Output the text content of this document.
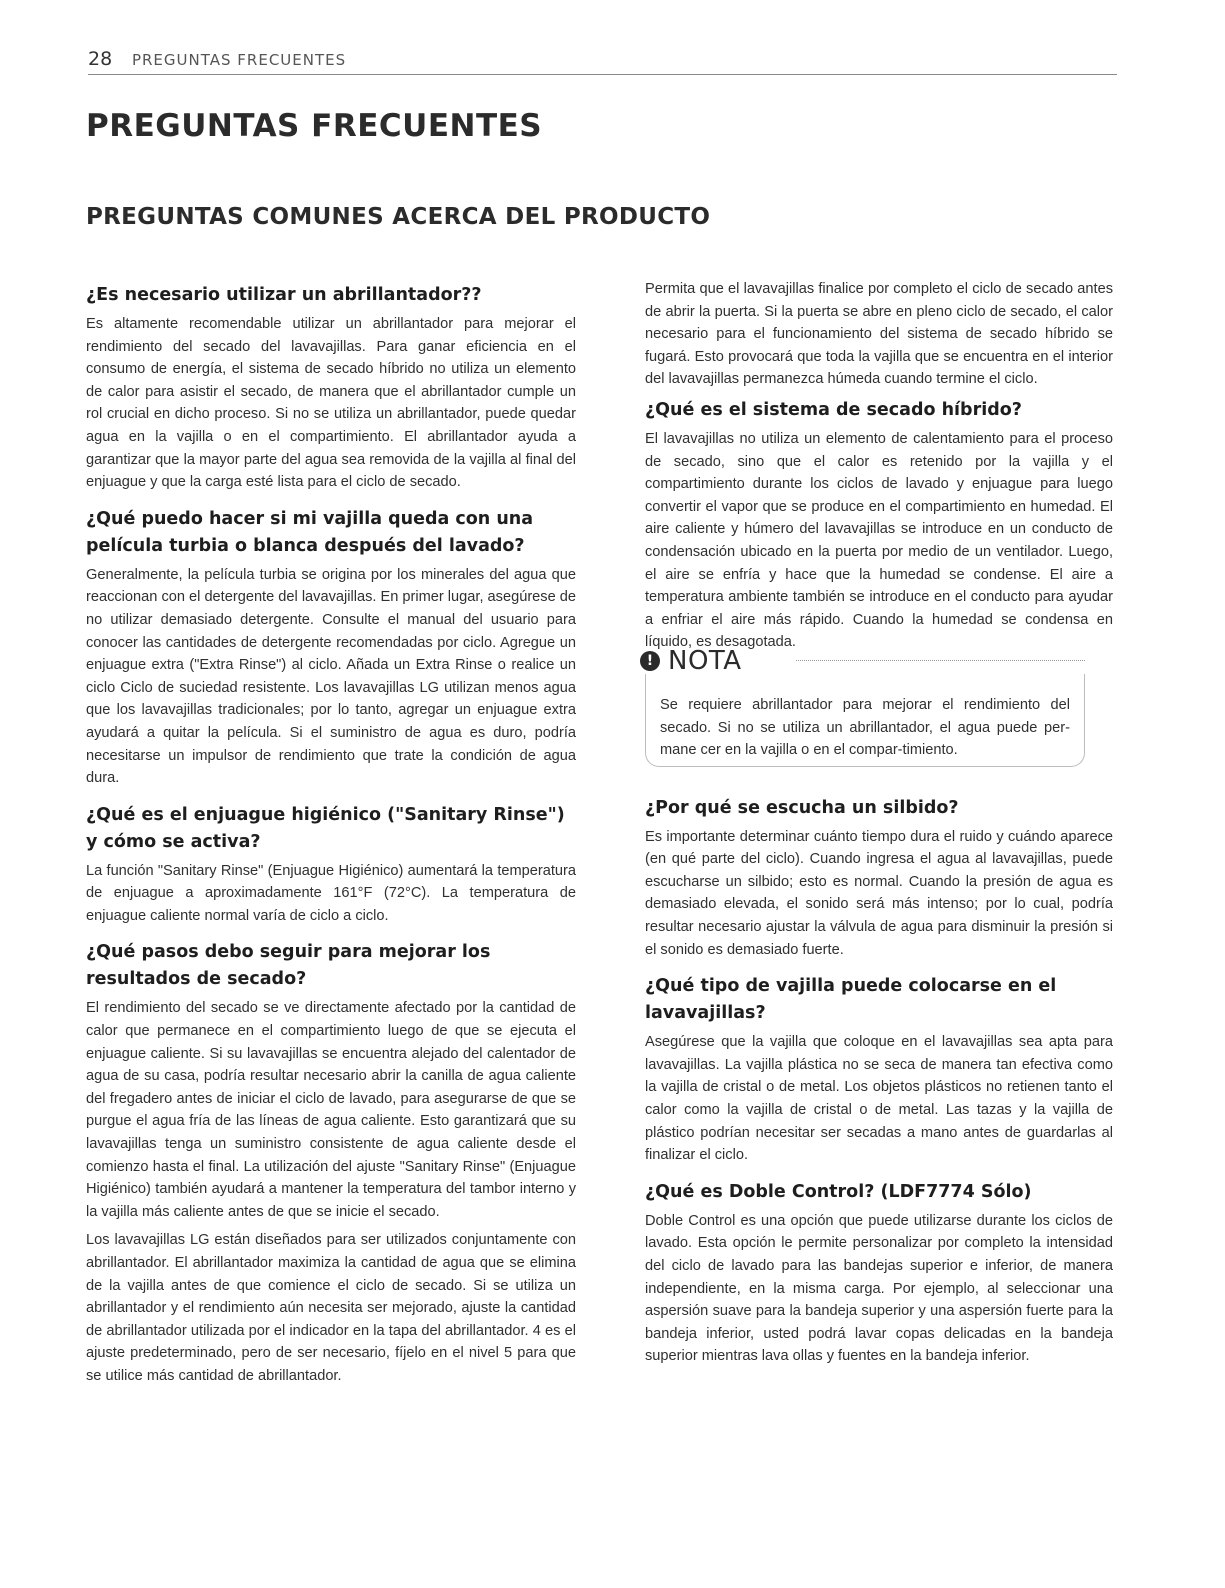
28 PREGUNTAS FRECUENTES
PREGUNTAS FRECUENTES
PREGUNTAS COMUNES ACERCA DEL PRODUCTO
¿Es necesario utilizar un abrillantador??

Es altamente recomendable utilizar un abrillantador para mejorar el rendimiento del secado del lavavajillas. Para ganar eficiencia en el consumo de energía, el sistema de secado híbrido no utiliza un elemento de calor para asistir el secado, de manera que el abrillantador cumple un rol crucial en dicho proceso. Si no se utiliza un abrillantador, puede quedar agua en la vajilla o en el compartimiento. El abrillantador ayuda a garantizar que la mayor parte del agua sea removida de la vajilla al final del enjuague y que la carga esté lista para el ciclo de secado.

¿Qué puedo hacer si mi vajilla queda con una película turbia o blanca después del lavado?

Generalmente, la película turbia se origina por los minerales del agua que reaccionan con el detergente del lavavajillas. En primer lugar, asegúrese de no utilizar demasiado detergente. Consulte el manual del usuario para conocer las cantidades de detergente recomendadas por ciclo. Agregue un enjuague extra ("Extra Rinse") al ciclo. Añada un Extra Rinse o realice un ciclo Ciclo de suciedad resistente. Los lavavajillas LG utilizan menos agua que los lavavajillas tradicionales; por lo tanto, agregar un enjuague extra ayudará a quitar la película. Si el suministro de agua es duro, podría necesitarse un impulsor de rendimiento que trate la condición de agua dura.

¿Qué es el enjuague higiénico ("Sanitary Rinse") y cómo se activa?

La función "Sanitary Rinse" (Enjuague Higiénico) aumentará la temperatura de enjuague a aproximadamente 161°F (72°C). La temperatura de enjuague caliente normal varía de ciclo a ciclo.

¿Qué pasos debo seguir para mejorar los resultados de secado?

El rendimiento del secado se ve directamente afectado por la cantidad de calor que permanece en el compartimiento luego de que se ejecuta el enjuague caliente. Si su lavavajillas se encuentra alejado del calentador de agua de su casa, podría resultar necesario abrir la canilla de agua caliente del fregadero antes de iniciar el ciclo de lavado, para asegurarse de que se purgue el agua fría de las líneas de agua caliente. Esto garantizará que su lavavajillas tenga un suministro consistente de agua caliente desde el comienzo hasta el final. La utilización del ajuste "Sanitary Rinse" (Enjuague Higiénico) también ayudará a mantener la temperatura del tambor interno y la vajilla más caliente antes de que se inicie el secado.

Los lavavajillas LG están diseñados para ser utilizados conjuntamente con abrillantador. El abrillantador maximiza la cantidad de agua que se elimina de la vajilla antes de que comience el ciclo de secado. Si se utiliza un abrillantador y el rendimiento aún necesita ser mejorado, ajuste la cantidad de abrillantador utilizada por el indicador en la tapa del abrillantador. 4 es el ajuste predeterminado, pero de ser necesario, fíjelo en el nivel 5 para que se utilice más cantidad de abrillantador.

Permita que el lavavajillas finalice por completo el ciclo de secado antes de abrir la puerta. Si la puerta se abre en pleno ciclo de secado, el calor necesario para el funcionamiento del sistema de secado híbrido se fugará. Esto provocará que toda la vajilla que se encuentra en el interior del lavavajillas permanezca húmeda cuando termine el ciclo.

¿Qué es el sistema de secado híbrido?

El lavavajillas no utiliza un elemento de calentamiento para el proceso de secado, sino que el calor es retenido por la vajilla y el compartimiento durante los ciclos de lavado y enjuague para luego convertir el vapor que se produce en el compartimiento en humedad. El aire caliente y húmero del lavavajillas se introduce en un conducto de condensación ubicado en la puerta por medio de un ventilador. Luego, el aire se enfría y hace que la humedad se condense. El aire a temperatura ambiente también se introduce en el conducto para ayudar a enfriar el aire más rápido. Cuando la humedad se condensa en líquido, es desagotada.

! NOTA

Se requiere abrillantador para mejorar el rendimiento del secado. Si no se utiliza un abrillantador, el agua puede per-mane cer en la vajilla o en el compar-timiento.

¿Por qué se escucha un silbido?

Es importante determinar cuánto tiempo dura el ruido y cuándo aparece (en qué parte del ciclo). Cuando ingresa el agua al lavavajillas, puede escucharse un silbido; esto es normal. Cuando la presión de agua es demasiado elevada, el sonido será más intenso; por lo cual, podría resultar necesario ajustar la válvula de agua para disminuir la presión si el sonido es demasiado fuerte.

¿Qué tipo de vajilla puede colocarse en el lavavajillas?

Asegúrese que la vajilla que coloque en el lavavajillas sea apta para lavavajillas. La vajilla plástica no se seca de manera tan efectiva como la vajilla de cristal o de metal. Los objetos plásticos no retienen tanto el calor como la vajilla de cristal o de metal. Las tazas y la vajilla de plástico podrían necesitar ser secadas a mano antes de guardarlas al finalizar el ciclo.

¿Qué es Doble Control? (LDF7774 Sólo)

Doble Control es una opción que puede utilizarse durante los ciclos de lavado. Esta opción le permite personalizar por completo la intensidad del ciclo de lavado para las bandejas superior e inferior, de manera independiente, en la misma carga. Por ejemplo, al seleccionar una aspersión suave para la bandeja superior y una aspersión fuerte para la bandeja inferior, usted podrá lavar copas delicadas en la bandeja superior mientras lava ollas y fuentes en la bandeja inferior.
